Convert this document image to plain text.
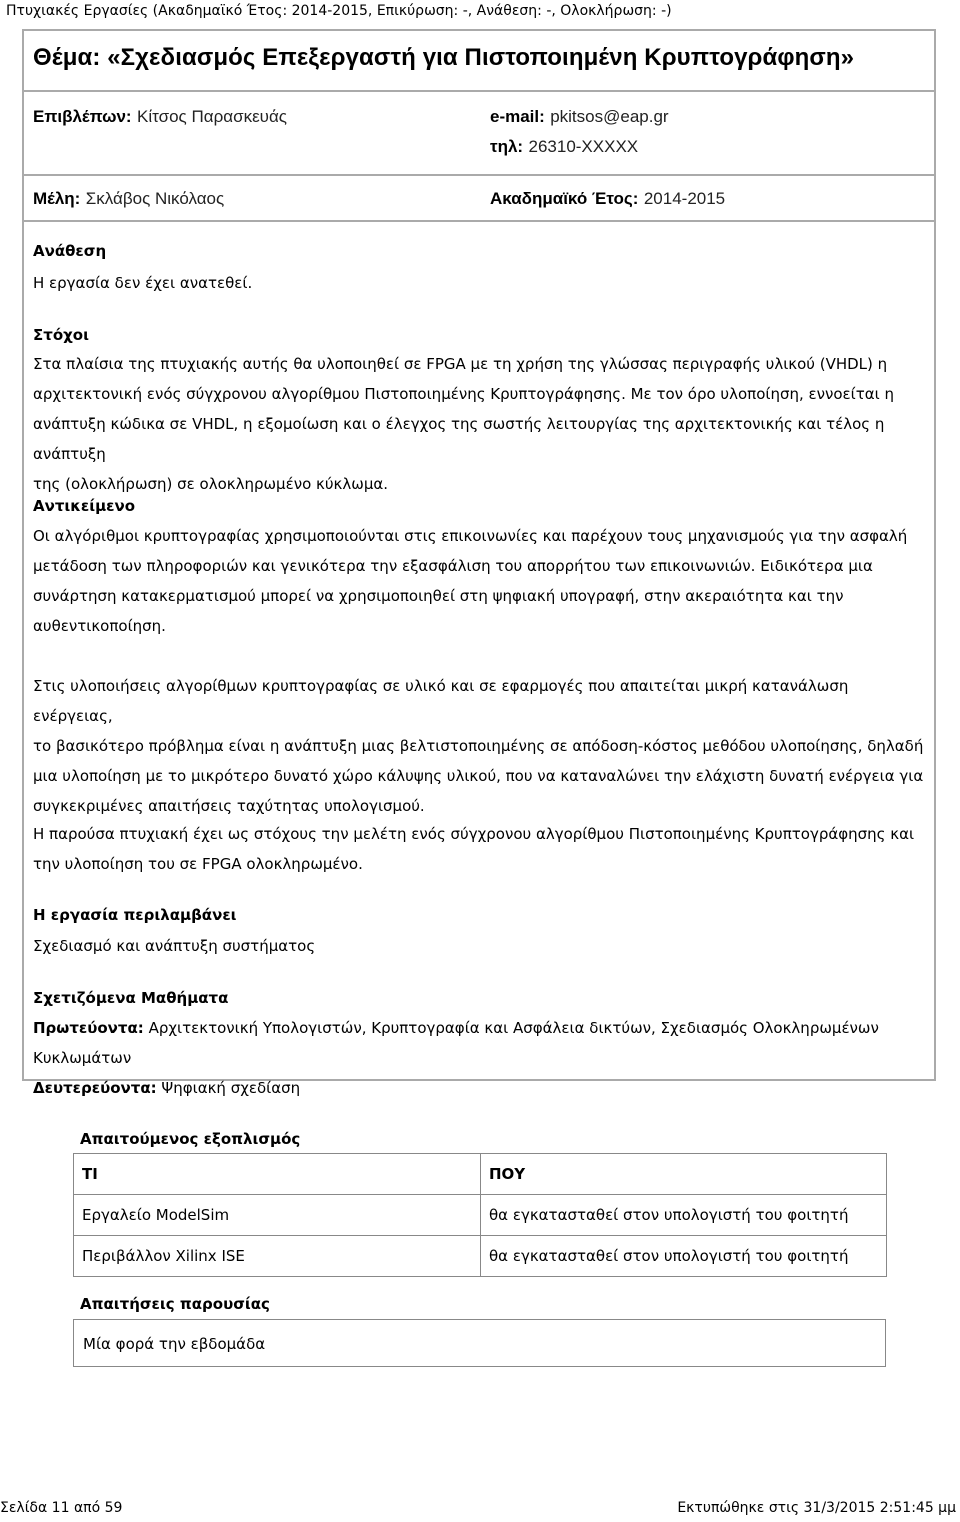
Πτυχιακές Εργασίες (Ακαδημαϊκό Έτος: 2014-2015, Επικύρωση: -, Ανάθεση: -, Ολοκλήρωση: -)
Θέμα: «Σχεδιασμός Επεξεργαστή για Πιστοποιημένη Κρυπτογράφηση»
Επιβλέπων: Κίτσος Παρασκευάς	e-mail: pkitsos@eap.gr
τηλ: 26310-XXXXX
Μέλη: Σκλάβος Νικόλαος	Ακαδημαϊκό Έτος: 2014-2015
Ανάθεση
Η εργασία δεν έχει ανατεθεί.
Στόχοι
Στα πλαίσια της πτυχιακής αυτής θα υλοποιηθεί σε FPGA με τη χρήση της γλώσσας περιγραφής υλικού (VHDL) η
αρχιτεκτονική ενός σύγχρονου αλγορίθμου Πιστοποιημένης Κρυπτογράφησης. Με τον όρο υλοποίηση, εννοείται η
ανάπτυξη κώδικα σε VHDL, η εξομοίωση και ο έλεγχος της σωστής λειτουργίας της αρχιτεκτονικής και τέλος η ανάπτυξη
της (ολοκλήρωση) σε ολοκληρωμένο κύκλωμα.
Αντικείμενο
Οι αλγόριθμοι κρυπτογραφίας χρησιμοποιούνται στις επικοινωνίες και παρέχουν τους μηχανισμούς για την ασφαλή
μετάδοση των πληροφοριών και γενικότερα την εξασφάλιση του απορρήτου των επικοινωνιών. Ειδικότερα μια
συνάρτηση κατακερματισμού μπορεί να χρησιμοποιηθεί στη ψηφιακή υπογραφή, στην ακεραιότητα και την
αυθεντικοποίηση.
Στις υλοποιήσεις αλγορίθμων κρυπτογραφίας σε υλικό και σε εφαρμογές που απαιτείται μικρή κατανάλωση ενέργειας,
το βασικότερο πρόβλημα είναι η ανάπτυξη μιας βελτιστοποιημένης σε απόδοση-κόστος μεθόδου υλοποίησης, δηλαδή
μια υλοποίηση με το μικρότερο δυνατό χώρο κάλυψης υλικού, που να καταναλώνει την ελάχιστη δυνατή ενέργεια για
συγκεκριμένες απαιτήσεις ταχύτητας υπολογισμού.
Η παρούσα πτυχιακή έχει ως στόχους την μελέτη ενός σύγχρονου αλγορίθμου Πιστοποιημένης Κρυπτογράφησης και
την υλοποίηση του σε FPGA ολοκληρωμένο.
Η εργασία περιλαμβάνει
Σχεδιασμό και ανάπτυξη συστήματος
Σχετιζόμενα Μαθήματα
Πρωτεύοντα: Αρχιτεκτονική Υπολογιστών, Κρυπτογραφία και Ασφάλεια δικτύων, Σχεδιασμός Ολοκληρωμένων
Κυκλωμάτων
Δευτερεύοντα: Ψηφιακή σχεδίαση
Απαιτούμενος εξοπλισμός
ΤΙ	ΠΟΥ
Εργαλείο ModelSim	θα εγκατασταθεί στον υπολογιστή του φοιτητή
Περιβάλλον Xilinx ISE	θα εγκατασταθεί στον υπολογιστή του φοιτητή
Απαιτήσεις παρουσίας
Μία φορά την εβδομάδα
Σελίδα 11 από 59	Εκτυπώθηκε στις 31/3/2015 2:51:45 μμ
